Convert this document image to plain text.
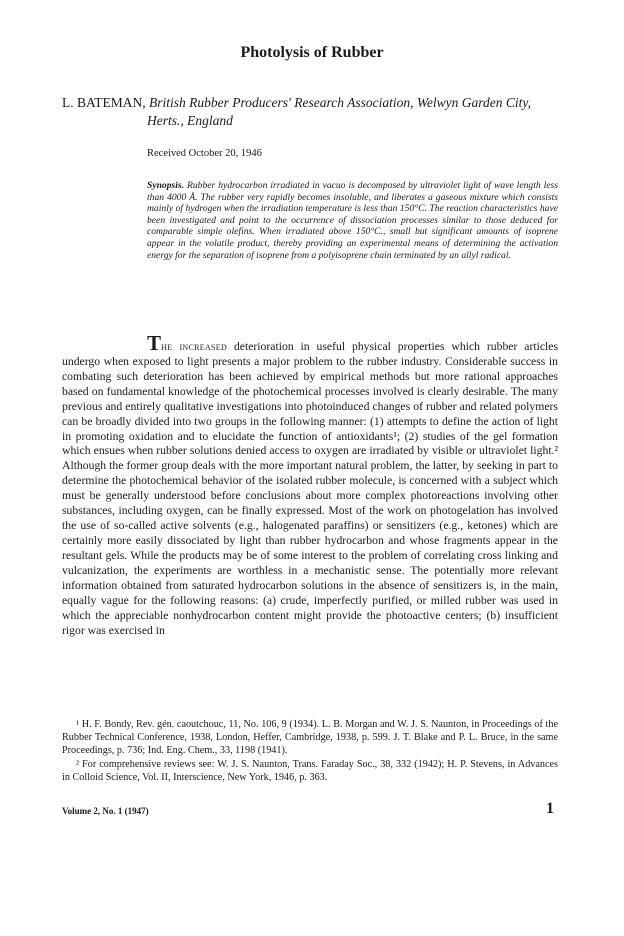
Photolysis of Rubber
L. BATEMAN, British Rubber Producers' Research Association, Welwyn Garden City,
Herts., England
Received October 20, 1946
Synopsis. Rubber hydrocarbon irradiated in vacuo is decomposed by ultraviolet light of wave length less than 4000 Å. The rubber very rapidly becomes insoluble, and liberates a gaseous mixture which consists mainly of hydrogen when the irradiation temperature is less than 150°C. The reaction characteristics have been investigated and point to the occurrence of dissociation processes similar to those deduced for comparable simple olefins. When irradiated above 150°C., small but significant amounts of isoprene appear in the volatile product, thereby providing an experimental means of determining the activation energy for the separation of isoprene from a polyisoprene chain terminated by an allyl radical.

The increased deterioration in useful physical properties which rubber articles undergo when exposed to light presents a major problem to the rubber industry. Considerable success in combating such deterioration has been achieved by empirical methods but more rational approaches based on fundamental knowledge of the photochemical processes involved is clearly desirable. The many previous and entirely qualitative investigations into photoinduced changes of rubber and related polymers can be broadly divided into two groups in the following manner: (1) attempts to define the action of light in promoting oxidation and to elucidate the function of antioxidants¹; (2) studies of the gel formation which ensues when rubber solutions denied access to oxygen are irradiated by visible or ultraviolet light.² Although the former group deals with the more important natural problem, the latter, by seeking in part to determine the photochemical behavior of the isolated rubber molecule, is concerned with a subject which must be generally understood before conclusions about more complex photoreactions involving other substances, including oxygen, can be finally expressed. Most of the work on photogelation has involved the use of so-called active solvents (e.g., halogenated paraffins) or sensitizers (e.g., ketones) which are certainly more easily dissociated by light than rubber hydrocarbon and whose fragments appear in the resultant gels. While the products may be of some interest to the problem of correlating cross linking and vulcanization, the experiments are worthless in a mechanistic sense. The potentially more relevant information obtained from saturated hydrocarbon solutions in the absence of sensitizers is, in the main, equally vague for the following reasons: (a) crude, imperfectly purified, or milled rubber was used in which the appreciable nonhydrocarbon content might provide the photoactive centers; (b) insufficient rigor was exercised in

¹ H. F. Bondy, Rev. gén. caoutchouc, 11, No. 106, 9 (1934). L. B. Morgan and W. J. S. Naunton, in Proceedings of the Rubber Technical Conference, 1938, London, Heffer, Cambridge, 1938, p. 599. J. T. Blake and P. L. Bruce, in the same Proceedings, p. 736; Ind. Eng. Chem., 33, 1198 (1941).

² For comprehensive reviews see: W. J. S. Naunton, Trans. Faraday Soc., 38, 332 (1942); H. P. Stevens, in Advances in Colloid Science, Vol. II, Interscience, New York, 1946, p. 363.

Volume 2, No. 1 (1947)	1
